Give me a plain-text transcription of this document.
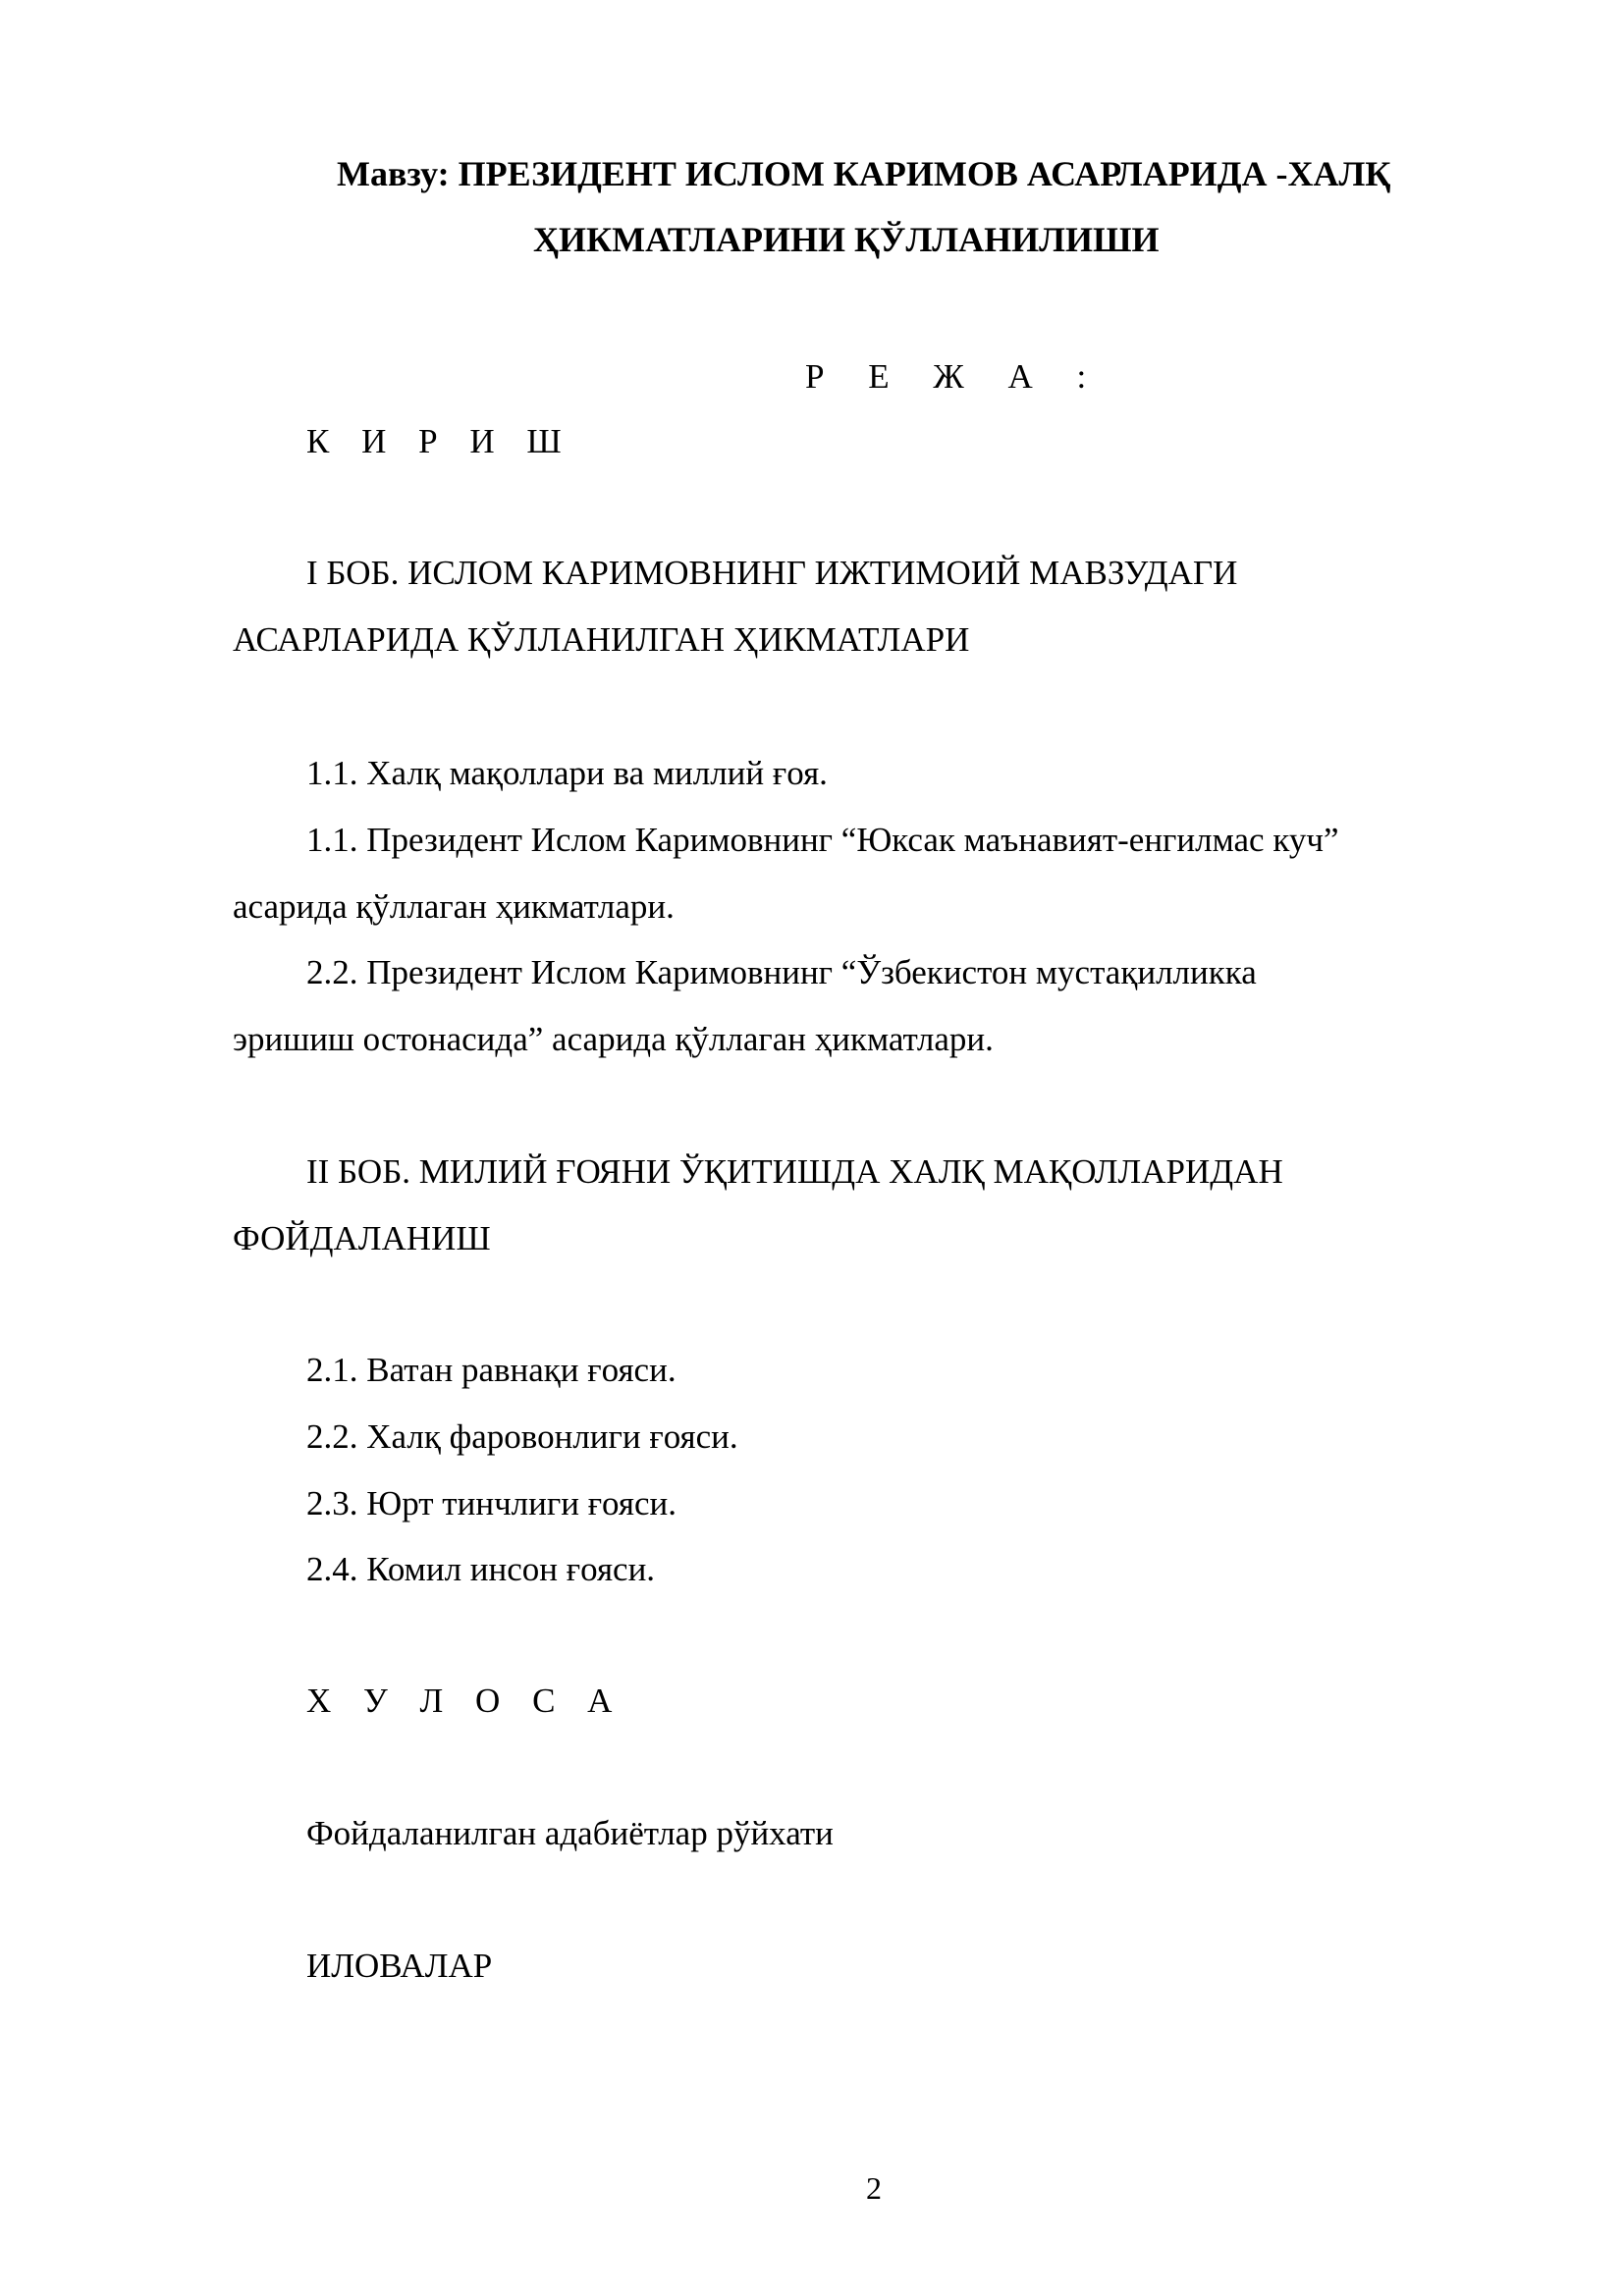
Мавзу: ПРЕЗИДЕНТ ИСЛОМ КАРИМОВ АСАРЛАРИДА -ХАЛҚ

ҲИКМАТЛАРИНИ ҚЎЛЛАНИЛИШИ

Р Е Ж А :

К И Р И Ш

I БОБ. ИСЛОМ КАРИМОВНИНГ ИЖТИМОИЙ МАВЗУДАГИ

АСАРЛАРИДА ҚЎЛЛАНИЛГАН ҲИКМАТЛАРИ

1.1. Халқ мақоллари ва миллий ғоя.

1.1. Президент Ислом Каримовнинг “Юксак маънавият-енгилмас куч”

асарида қўллаган ҳикматлари.

2.2. Президент Ислом Каримовнинг “Ўзбекистон мустақилликка

эришиш остонасида” асарида қўллаган ҳикматлари.

II БОБ. МИЛИЙ ҒОЯНИ ЎҚИТИШДА ХАЛҚ МАҚОЛЛАРИДАН

ФОЙДАЛАНИШ

2.1. Ватан равнақи ғояси.

2.2. Халқ фаровонлиги ғояси.

2.3. Юрт тинчлиги ғояси.

2.4. Комил инсон ғояси.

Х У Л О С А

Фойдаланилган адабиётлар рўйхати

ИЛОВАЛАР

2
